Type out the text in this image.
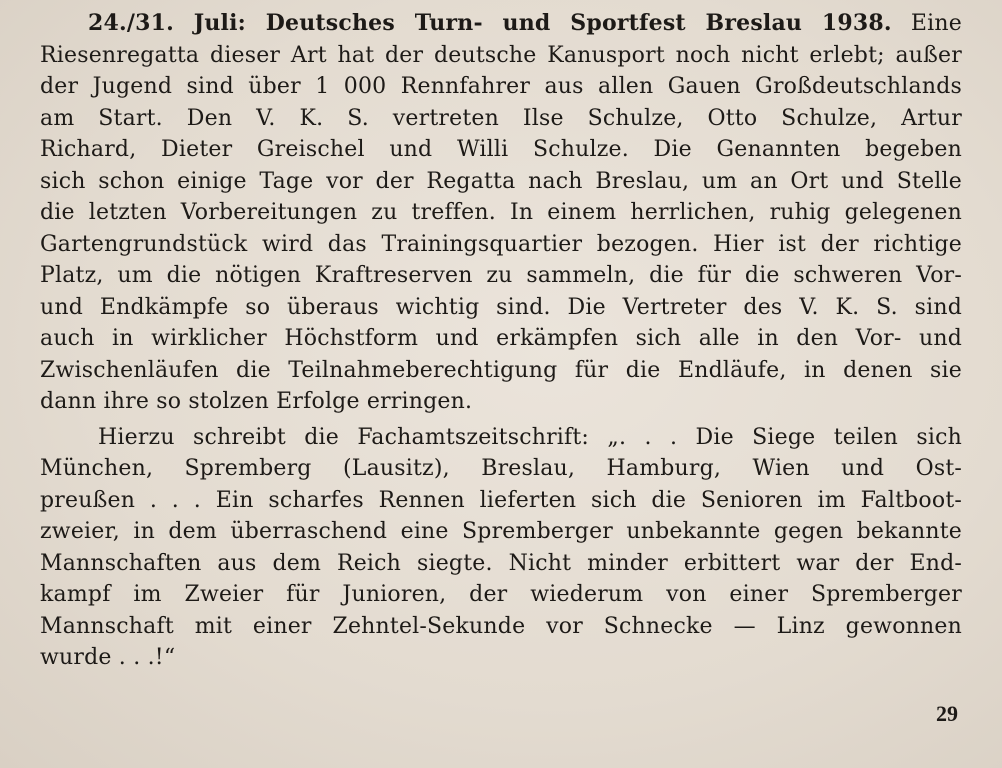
24./31. Juli: Deutsches Turn- und Sportfest Breslau 1938. Eine
Riesenregatta dieser Art hat der deutsche Kanusport noch nicht erlebt; außer
der Jugend sind über 1 000 Rennfahrer aus allen Gauen Großdeutschlands
am Start. Den V. K. S. vertreten Ilse Schulze, Otto Schulze, Artur
Richard, Dieter Greischel und Willi Schulze. Die Genannten begeben
sich schon einige Tage vor der Regatta nach Breslau, um an Ort und Stelle
die letzten Vorbereitungen zu treffen. In einem herrlichen, ruhig gelegenen
Gartengrundstück wird das Trainingsquartier bezogen. Hier ist der richtige
Platz, um die nötigen Kraftreserven zu sammeln, die für die schweren Vor-
und Endkämpfe so überaus wichtig sind. Die Vertreter des V. K. S. sind
auch in wirklicher Höchstform und erkämpfen sich alle in den Vor- und
Zwischenläufen die Teilnahmeberechtigung für die Endläufe, in denen sie
dann ihre so stolzen Erfolge erringen.
Hierzu schreibt die Fachamtszeitschrift: „. . . Die Siege teilen sich
München, Spremberg (Lausitz), Breslau, Hamburg, Wien und Ost-
preußen . . . Ein scharfes Rennen lieferten sich die Senioren im Faltboot-
zweier, in dem überraschend eine Spremberger unbekannte gegen bekannte
Mannschaften aus dem Reich siegte. Nicht minder erbittert war der End-
kampf im Zweier für Junioren, der wiederum von einer Spremberger
Mannschaft mit einer Zehntel-Sekunde vor Schnecke — Linz gewonnen
wurde . . .!“
29
